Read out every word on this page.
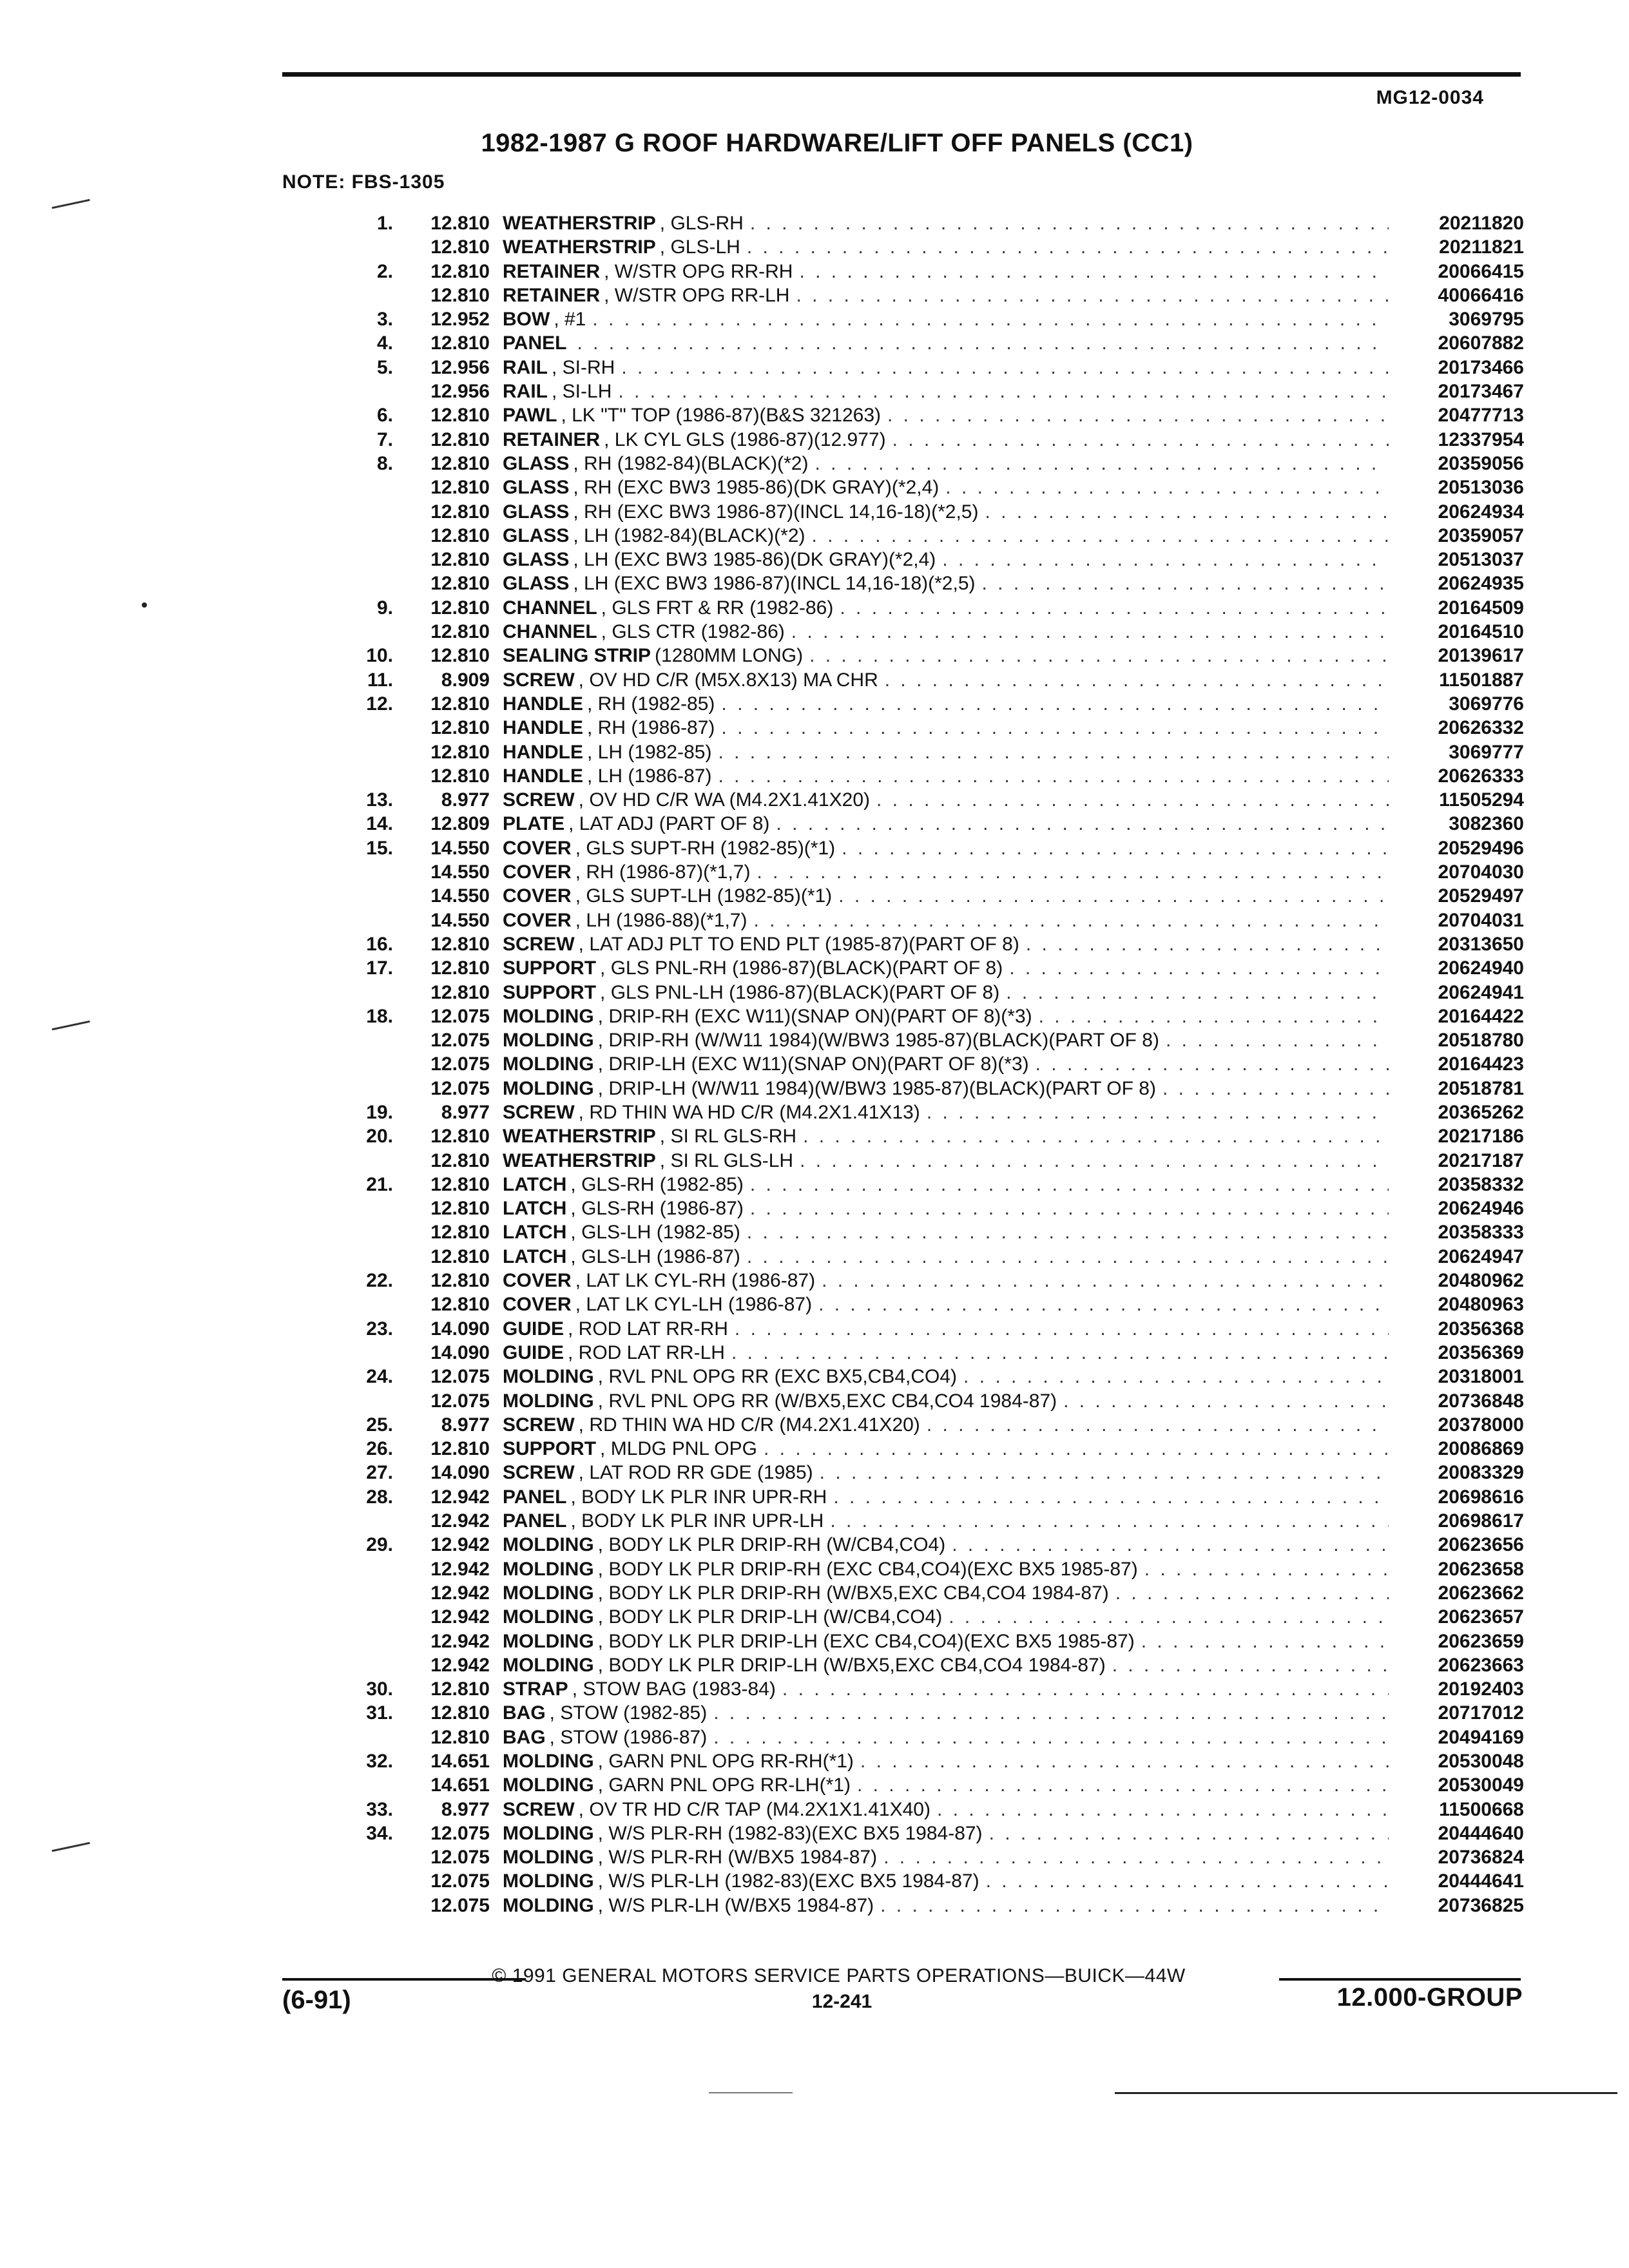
MG12-0034
1982-1987 G ROOF HARDWARE/LIFT OFF PANELS (CC1)
NOTE: FBS-1305
1.	12.810 WEATHERSTRIP , GLS-RH . . .	20211820
12.810 WEATHERSTRIP , GLS-LH . . .	20211821
2.	12.810 RETAINER , W/STR OPG RR-RH . . .	20066415
12.810 RETAINER , W/STR OPG RR-LH . . .	40066416
3.	12.952 BOW , #1 . . .	3069795
4.	12.810 PANEL . . .	20607882
5.	12.956 RAIL , SI-RH . . .	20173466
12.956 RAIL , SI-LH . . .	20173467
6.	12.810 PAWL , LK "T" TOP (1986-87)(B&S 321263) . . .	20477713
7.	12.810 RETAINER , LK CYL GLS (1986-87)(12.977) . . .	12337954
8.	12.810 GLASS , RH (1982-84)(BLACK)(*2) . . .	20359056
12.810 GLASS , RH (EXC BW3 1985-86)(DK GRAY)(*2,4) . . .	20513036
12.810 GLASS , RH (EXC BW3 1986-87)(INCL 14,16-18)(*2,5) . . .	20624934
12.810 GLASS , LH (1982-84)(BLACK)(*2) . . .	20359057
12.810 GLASS , LH (EXC BW3 1985-86)(DK GRAY)(*2,4) . . .	20513037
12.810 GLASS , LH (EXC BW3 1986-87)(INCL 14,16-18)(*2,5) . . .	20624935
9.	12.810 CHANNEL , GLS FRT & RR (1982-86) . . .	20164509
12.810 CHANNEL , GLS CTR (1982-86) . . .	20164510
10.	12.810 SEALING STRIP (1280MM LONG) . . .	20139617
11.	8.909 SCREW , OV HD C/R (M5X.8X13) MA CHR . . .	11501887
12.	12.810 HANDLE , RH (1982-85) . . .	3069776
12.810 HANDLE , RH (1986-87) . . .	20626332
12.810 HANDLE , LH (1982-85) . . .	3069777
12.810 HANDLE , LH (1986-87) . . .	20626333
13.	8.977 SCREW , OV HD C/R WA (M4.2X1.41X20) . . .	11505294
14.	12.809 PLATE , LAT ADJ (PART OF 8) . . .	3082360
15.	14.550 COVER , GLS SUPT-RH (1982-85)(*1) . . .	20529496
14.550 COVER , RH (1986-87)(*1,7) . . .	20704030
14.550 COVER , GLS SUPT-LH (1982-85)(*1) . . .	20529497
14.550 COVER , LH (1986-88)(*1,7) . . .	20704031
16.	12.810 SCREW , LAT ADJ PLT TO END PLT (1985-87)(PART OF 8) . . .	20313650
17.	12.810 SUPPORT , GLS PNL-RH (1986-87)(BLACK)(PART OF 8) . . .	20624940
12.810 SUPPORT , GLS PNL-LH (1986-87)(BLACK)(PART OF 8) . . .	20624941
18.	12.075 MOLDING , DRIP-RH (EXC W11)(SNAP ON)(PART OF 8)(*3) . . .	20164422
12.075 MOLDING , DRIP-RH (W/W11 1984)(W/BW3 1985-87)(BLACK)(PART OF 8) . . .	20518780
12.075 MOLDING , DRIP-LH (EXC W11)(SNAP ON)(PART OF 8)(*3) . . .	20164423
12.075 MOLDING , DRIP-LH (W/W11 1984)(W/BW3 1985-87)(BLACK)(PART OF 8) . . .	20518781
19.	8.977 SCREW , RD THIN WA HD C/R (M4.2X1.41X13) . . .	20365262
20.	12.810 WEATHERSTRIP , SI RL GLS-RH . . .	20217186
12.810 WEATHERSTRIP , SI RL GLS-LH . . .	20217187
21.	12.810 LATCH , GLS-RH (1982-85) . . .	20358332
12.810 LATCH , GLS-RH (1986-87) . . .	20624946
12.810 LATCH , GLS-LH (1982-85) . . .	20358333
12.810 LATCH , GLS-LH (1986-87) . . .	20624947
22.	12.810 COVER , LAT LK CYL-RH (1986-87) . . .	20480962
12.810 COVER , LAT LK CYL-LH (1986-87) . . .	20480963
23.	14.090 GUIDE , ROD LAT RR-RH . . .	20356368
14.090 GUIDE , ROD LAT RR-LH . . .	20356369
24.	12.075 MOLDING , RVL PNL OPG RR (EXC BX5,CB4,CO4) . . .	20318001
12.075 MOLDING , RVL PNL OPG RR (W/BX5,EXC CB4,CO4 1984-87) . . .	20736848
25.	8.977 SCREW , RD THIN WA HD C/R (M4.2X1.41X20) . . .	20378000
26.	12.810 SUPPORT , MLDG PNL OPG . . .	20086869
27.	14.090 SCREW , LAT ROD RR GDE (1985) . . .	20083329
28.	12.942 PANEL , BODY LK PLR INR UPR-RH . . .	20698616
12.942 PANEL , BODY LK PLR INR UPR-LH . . .	20698617
29.	12.942 MOLDING , BODY LK PLR DRIP-RH (W/CB4,CO4) . . .	20623656
12.942 MOLDING , BODY LK PLR DRIP-RH (EXC CB4,CO4)(EXC BX5 1985-87) . . .	20623658
12.942 MOLDING , BODY LK PLR DRIP-RH (W/BX5,EXC CB4,CO4 1984-87) . . .	20623662
12.942 MOLDING , BODY LK PLR DRIP-LH (W/CB4,CO4) . . .	20623657
12.942 MOLDING , BODY LK PLR DRIP-LH (EXC CB4,CO4)(EXC BX5 1985-87) . . .	20623659
12.942 MOLDING , BODY LK PLR DRIP-LH (W/BX5,EXC CB4,CO4 1984-87) . . .	20623663
30.	12.810 STRAP , STOW BAG (1983-84) . . .	20192403
31.	12.810 BAG , STOW (1982-85) . . .	20717012
12.810 BAG , STOW (1986-87) . . .	20494169
32.	14.651 MOLDING , GARN PNL OPG RR-RH(*1) . . .	20530048
14.651 MOLDING , GARN PNL OPG RR-LH(*1) . . .	20530049
33.	8.977 SCREW , OV TR HD C/R TAP (M4.2X1X1.41X40) . . .	11500668
34.	12.075 MOLDING , W/S PLR-RH (1982-83)(EXC BX5 1984-87) . . .	20444640
12.075 MOLDING , W/S PLR-RH (W/BX5 1984-87) . . .	20736824
12.075 MOLDING , W/S PLR-LH (1982-83)(EXC BX5 1984-87) . . .	20444641
12.075 MOLDING , W/S PLR-LH (W/BX5 1984-87) . . .	20736825
© 1991 GENERAL MOTORS SERVICE PARTS OPERATIONS—BUICK—44W
(6-91)	12-241	12.000-GROUP
